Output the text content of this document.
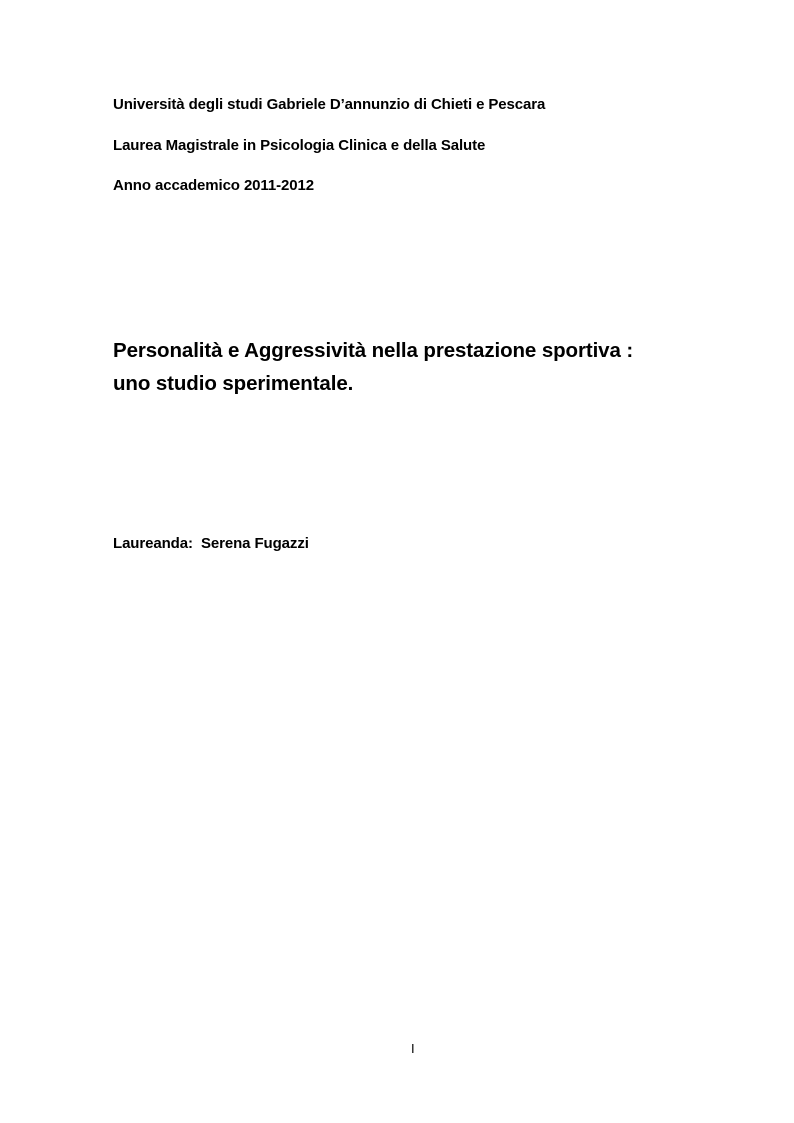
Università degli studi Gabriele D’annunzio di Chieti e Pescara
Laurea Magistrale in Psicologia Clinica e della Salute
Anno accademico 2011-2012
Personalità e Aggressività nella prestazione sportiva :
uno studio sperimentale.
Laureanda:  Serena Fugazzi
I
